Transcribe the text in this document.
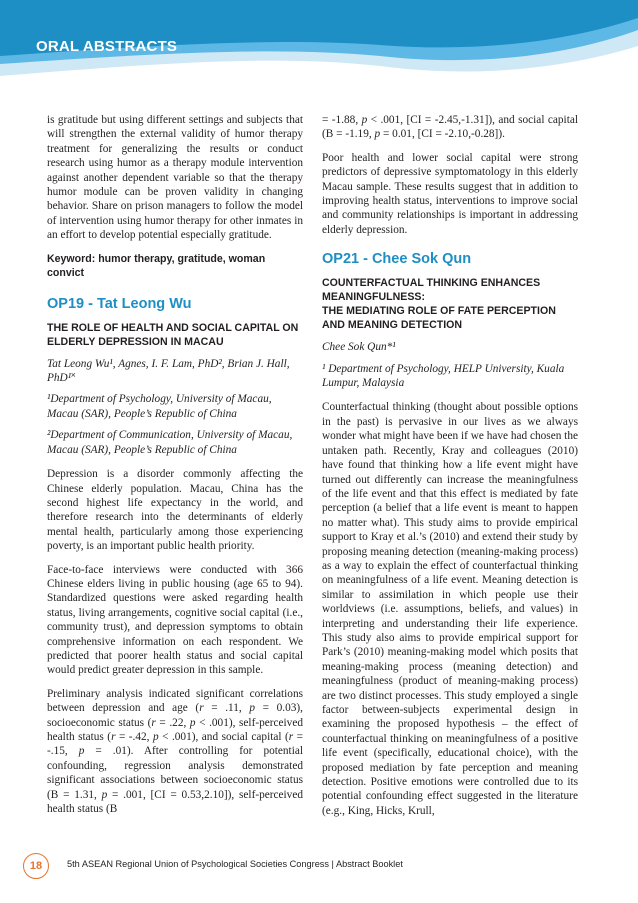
ORAL ABSTRACTS

is gratitude but using different settings and subjects that will strengthen the external validity of humor therapy treatment for generalizing the results or conduct research using humor as a therapy module intervention against another dependent variable so that the therapy humor module can be proven validity in changing behavior. Share on prison managers to follow the model of intervention using humor therapy for other inmates in an effort to develop potential especially gratitude.

Keyword: humor therapy, gratitude, woman convict

OP19 - Tat Leong Wu

THE ROLE OF HEALTH AND SOCIAL CAPITAL ON ELDERLY DEPRESSION IN MACAU

Tat Leong Wu¹, Agnes, I. F. Lam, PhD², Brian J. Hall, PhD¹˟

¹Department of Psychology, University of Macau, Macau (SAR), People’s Republic of China

²Department of Communication, University of Macau, Macau (SAR), People’s Republic of China

Depression is a disorder commonly affecting the Chinese elderly population. Macau, China has the second highest life expectancy in the world, and therefore research into the determinants of elderly mental health, particularly among those experiencing poverty, is an important public health priority.

Face-to-face interviews were conducted with 366 Chinese elders living in public housing (age 65 to 94). Standardized questions were asked regarding health status, living arrangements, cognitive social capital (i.e., community trust), and depression symptoms to obtain comprehensive information on each respondent. We predicted that poorer health status and social capital would predict greater depression in this sample.

Preliminary analysis indicated significant correlations between depression and age (r = .11, p = 0.03), socioeconomic status (r = .22, p < .001), self-perceived health status (r = -.42, p < .001), and social capital (r = -.15, p = .01). After controlling for potential confounding, regression analysis demonstrated significant associations between socioeconomic status (B = 1.31, p = .001, [CI = 0.53,2.10]), self-perceived health status (B

= -1.88, p < .001, [CI = -2.45,-1.31]), and social capital (B = -1.19, p = 0.01, [CI = -2.10,-0.28]).

Poor health and lower social capital were strong predictors of depressive symptomatology in this elderly Macau sample. These results suggest that in addition to improving health status, interventions to improve social and community relationships is important in addressing elderly depression.

OP21 - Chee Sok Qun

COUNTERFACTUAL THINKING ENHANCES MEANINGFULNESS:

THE MEDIATING ROLE OF FATE PERCEPTION AND MEANING DETECTION

Chee Sok Qun*¹

¹ Department of Psychology, HELP University, Kuala Lumpur, Malaysia

Counterfactual thinking (thought about possible options in the past) is pervasive in our lives as we always wonder what might have been if we have had chosen the untaken path. Recently, Kray and colleagues (2010) have found that thinking how a life event might have turned out differently can increase the meaningfulness of the life event and that this effect is mediated by fate perception (a belief that a life event is meant to happen no matter what). This study aims to provide empirical support to Kray et al.’s (2010) and extend their study by proposing meaning detection (meaning-making process) as a way to explain the effect of counterfactual thinking on meaningfulness of a life event. Meaning detection is similar to assimilation in which people use their worldviews (i.e. assumptions, beliefs, and values) in interpreting and understanding their life experience. This study also aims to provide empirical support for Park’s (2010) meaning-making model which posits that meaning-making process (meaning detection) and meaningfulness (product of meaning-making process) are two distinct processes. This study employed a single factor between-subjects experimental design in examining the proposed hypothesis – the effect of counterfactual thinking on meaningfulness of a positive life event (specifically, educational choice), with the proposed mediation by fate perception and meaning detection. Positive emotions were controlled due to its potential confounding effect suggested in the literature (e.g., King, Hicks, Krull,

18	5th ASEAN Regional Union of Psychological Societies Congress | Abstract Booklet
